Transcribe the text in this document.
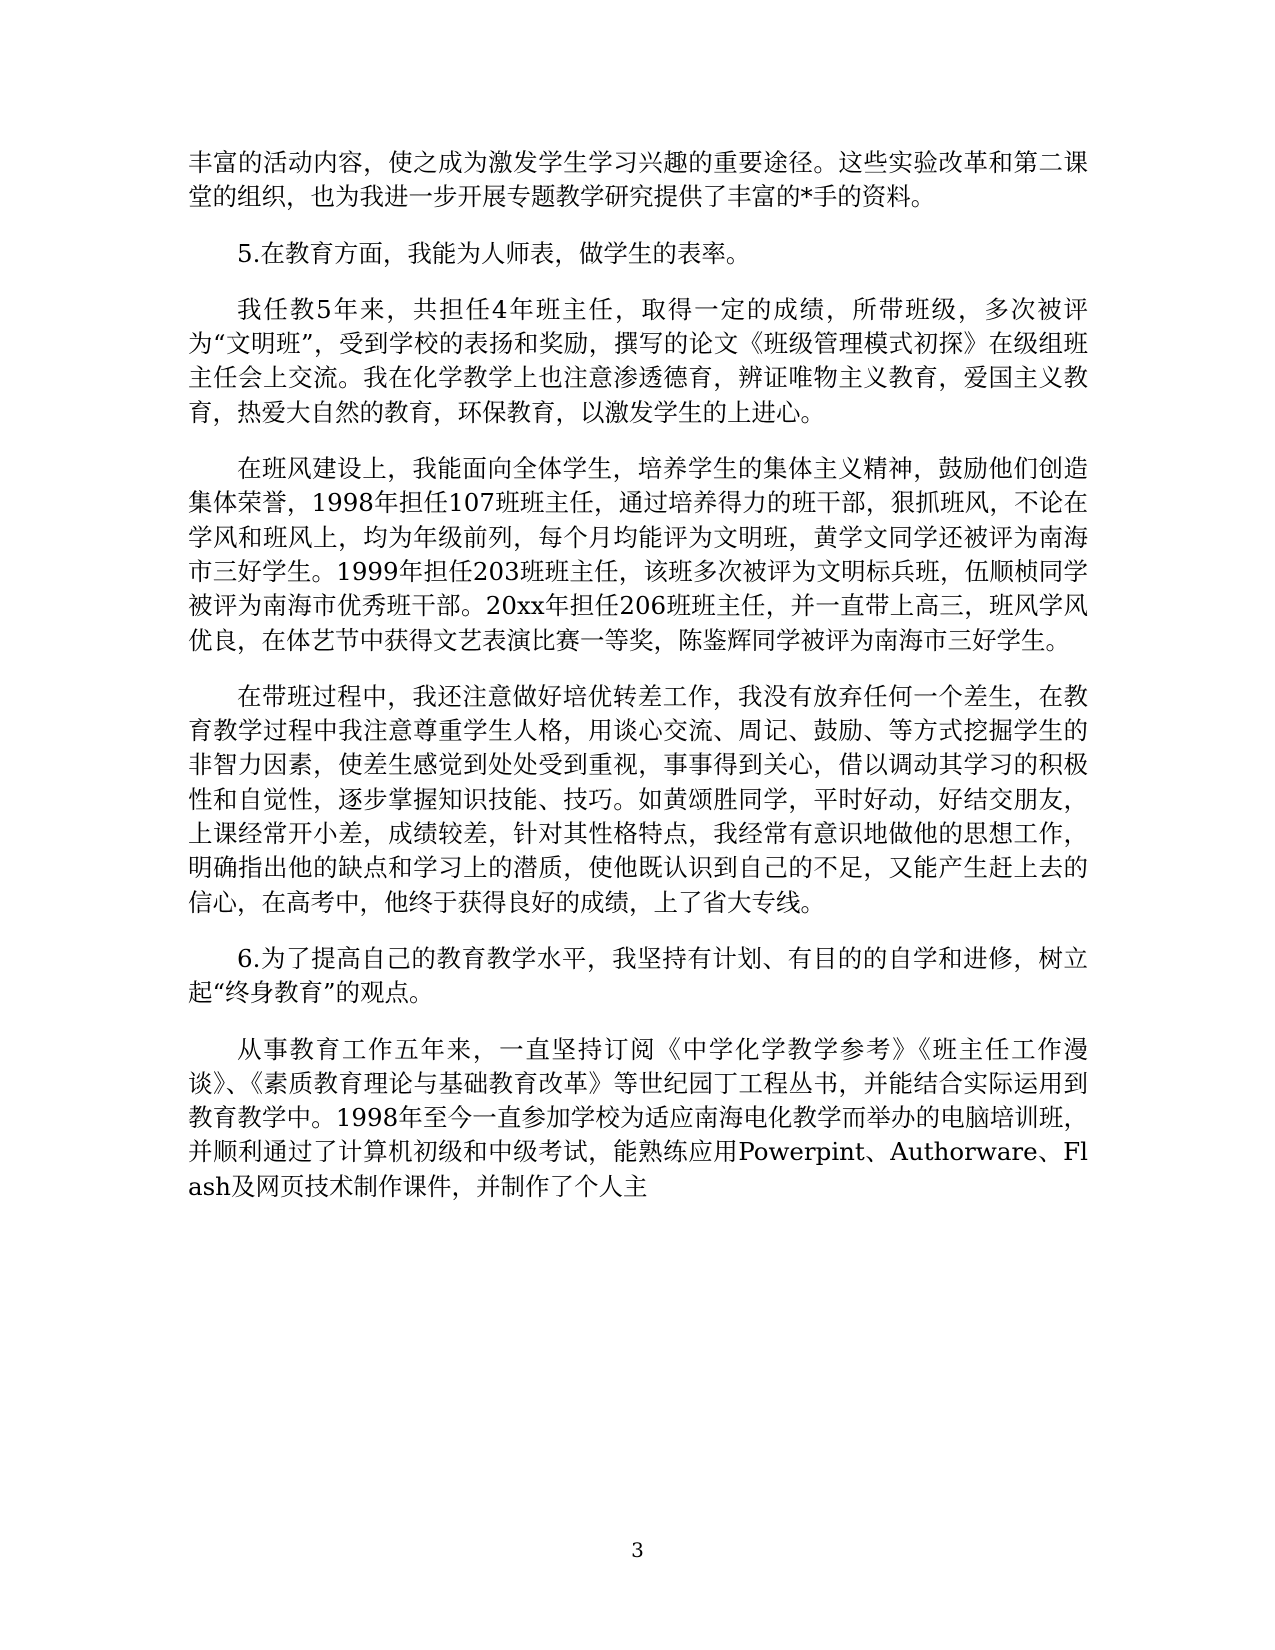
丰富的活动内容，使之成为激发学生学习兴趣的重要途径。这些实验改革和第二课堂的组织，也为我进一步开展专题教学研究提供了丰富的*手的资料。

5.在教育方面，我能为人师表，做学生的表率。

我任教5年来，共担任4年班主任，取得一定的成绩，所带班级，多次被评为“文明班”，受到学校的表扬和奖励，撰写的论文《班级管理模式初探》在级组班主任会上交流。我在化学教学上也注意渗透德育，辨证唯物主义教育，爱国主义教育，热爱大自然的教育，环保教育，以激发学生的上进心。

在班风建设上，我能面向全体学生，培养学生的集体主义精神，鼓励他们创造集体荣誉，1998年担任107班班主任，通过培养得力的班干部，狠抓班风，不论在学风和班风上，均为年级前列，每个月均能评为文明班，黄学文同学还被评为南海市三好学生。1999年担任203班班主任，该班多次被评为文明标兵班，伍顺桢同学被评为南海市优秀班干部。20xx年担任206班班主任，并一直带上高三，班风学风优良，在体艺节中获得文艺表演比赛一等奖，陈鉴辉同学被评为南海市三好学生。

在带班过程中，我还注意做好培优转差工作，我没有放弃任何一个差生，在教育教学过程中我注意尊重学生人格，用谈心交流、周记、鼓励、等方式挖掘学生的非智力因素，使差生感觉到处处受到重视，事事得到关心，借以调动其学习的积极性和自觉性，逐步掌握知识技能、技巧。如黄颂胜同学，平时好动，好结交朋友，上课经常开小差，成绩较差，针对其性格特点，我经常有意识地做他的思想工作，明确指出他的缺点和学习上的潜质，使他既认识到自己的不足，又能产生赶上去的信心，在高考中，他终于获得良好的成绩，上了省大专线。

6.为了提高自己的教育教学水平，我坚持有计划、有目的的自学和进修，树立起“终身教育”的观点。

从事教育工作五年来，一直坚持订阅《中学化学教学参考》《班主任工作漫谈》、《素质教育理论与基础教育改革》等世纪园丁工程丛书，并能结合实际运用到教育教学中。1998年至今一直参加学校为适应南海电化教学而举办的电脑培训班，并顺利通过了计算机初级和中级考试，能熟练应用Powerpint、Authorware、Flash及网页技术制作课件，并制作了个人主

3
